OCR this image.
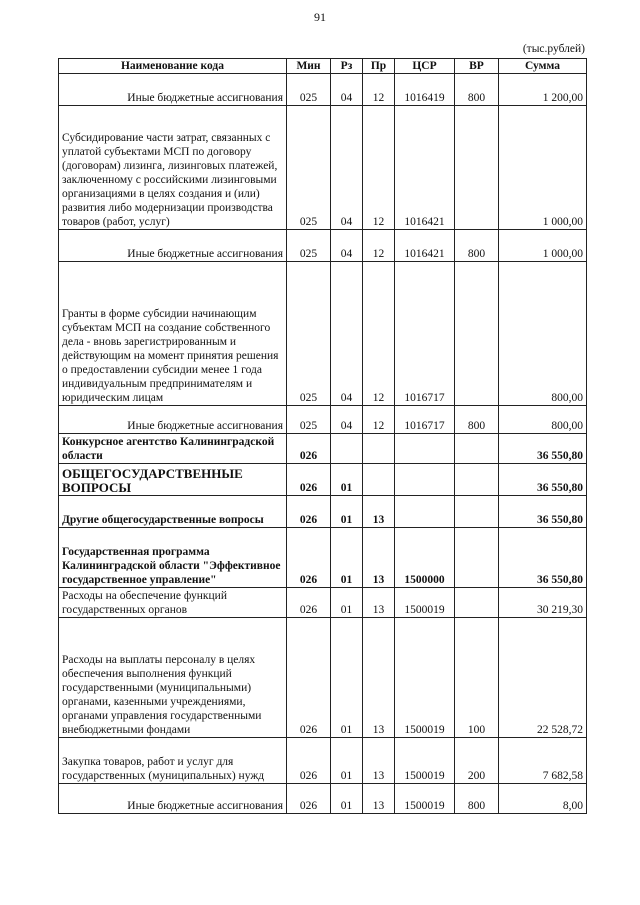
91
(тыс.рублей)
Наименование кода	Мин	Рз	Пр	ЦСР	ВР	Сумма
Иные бюджетные ассигнования	025	04	12	1016419	800	1 200,00
Субсидирование части затрат, связанных с уплатой субъектами МСП по договору (договорам) лизинга, лизинговых платежей, заключенному с российскими лизинговыми организациями в целях создания и (или) развития либо модернизации производства товаров (работ, услуг)	025	04	12	1016421		1 000,00
Иные бюджетные ассигнования	025	04	12	1016421	800	1 000,00
Гранты в форме субсидии начинающим субъектам МСП на создание собственного дела - вновь зарегистрированным и действующим на момент принятия решения о предоставлении субсидии менее 1 года индивидуальным предпринимателям и юридическим лицам	025	04	12	1016717		800,00
Иные бюджетные ассигнования	025	04	12	1016717	800	800,00
Конкурсное агентство Калининградской области	026					36 550,80
ОБЩЕГОСУДАРСТВЕННЫЕ ВОПРОСЫ	026	01				36 550,80
Другие общегосударственные вопросы	026	01	13			36 550,80
Государственная программа Калининградской области "Эффективное государственное управление"	026	01	13	1500000		36 550,80
Расходы на обеспечение функций государственных органов	026	01	13	1500019		30 219,30
Расходы на выплаты персоналу в целях обеспечения выполнения функций государственными (муниципальными) органами, казенными учреждениями, органами управления государственными внебюджетными фондами	026	01	13	1500019	100	22 528,72
Закупка товаров, работ и услуг для государственных (муниципальных) нужд	026	01	13	1500019	200	7 682,58
Иные бюджетные ассигнования	026	01	13	1500019	800	8,00
